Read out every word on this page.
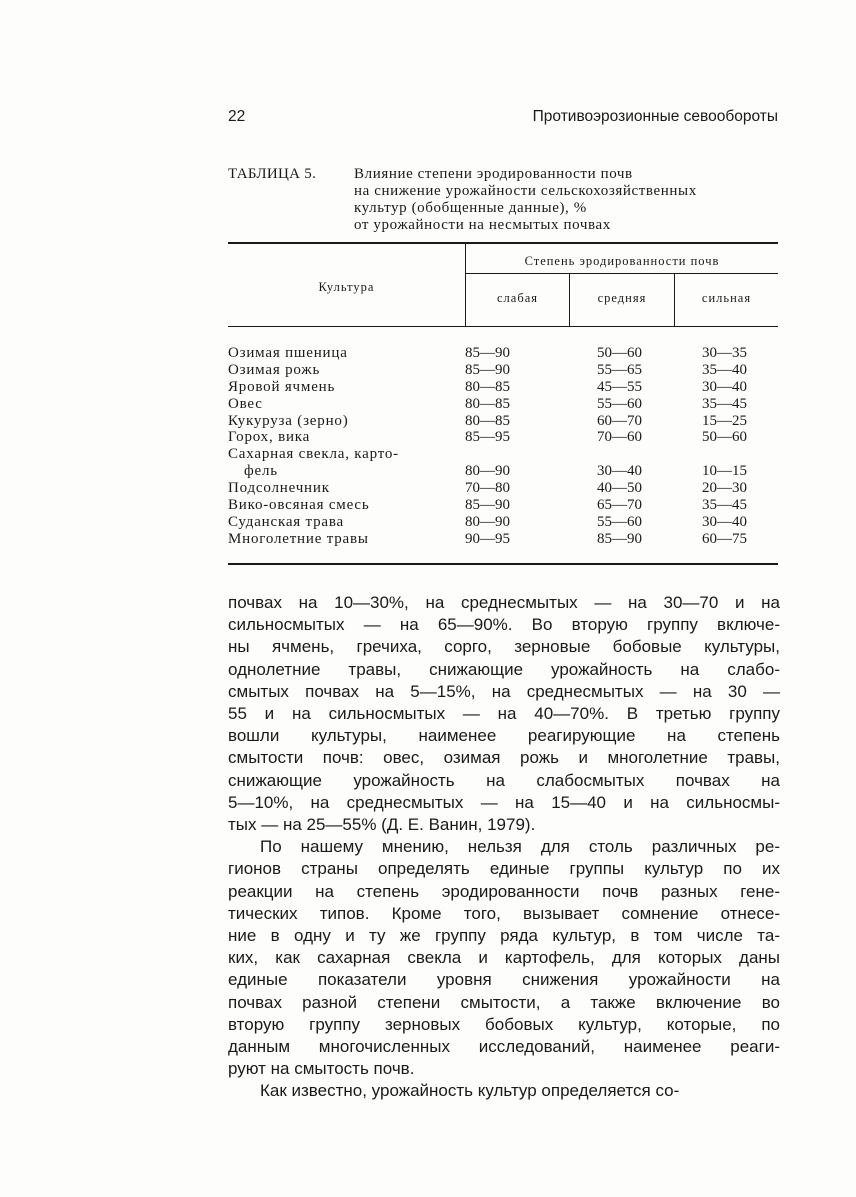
22	Противоэрозионные севообороты
ТАБЛИЦА 5.	Влияние степени эродированности почв
на снижение урожайности сельскохозяйственных
культур (обобщенные данные), %
от урожайности на несмытых почвах
Культура
Степень эродированности почв
слабая	средняя	сильная
Озимая пшеница	85—90	50—60	30—35
Озимая рожь	85—90	55—65	35—40
Яровой ячмень	80—85	45—55	30—40
Овес	80—85	55—60	35—45
Кукуруза (зерно)	80—85	60—70	15—25
Горох, вика	85—95	70—60	50—60
Сахарная свекла, карто-
фель	80—90	30—40	10—15
Подсолнечник	70—80	40—50	20—30
Вико-овсяная смесь	85—90	65—70	35—45
Суданская трава	80—90	55—60	30—40
Многолетние травы	90—95	85—90	60—75

почвах на 10—30%, на среднесмытых — на 30—70 и на
сильносмытых — на 65—90%. Во вторую группу включе-
ны ячмень, гречиха, сорго, зерновые бобовые культуры,
однолетние травы, снижающие урожайность на слабо-
смытых почвах на 5—15%, на среднесмытых — на 30 —
55 и на сильносмытых — на 40—70%. В третью группу
вошли культуры, наименее реагирующие на степень
смытости почв: овес, озимая рожь и многолетние травы,
снижающие урожайность на слабосмытых почвах на
5—10%, на среднесмытых — на 15—40 и на сильносмы-
тых — на 25—55% (Д. Е. Ванин, 1979).

По нашему мнению, нельзя для столь различных ре-
гионов страны определять единые группы культур по их
реакции на степень эродированности почв разных гене-
тических типов. Кроме того, вызывает сомнение отнесе-
ние в одну и ту же группу ряда культур, в том числе та-
ких, как сахарная свекла и картофель, для которых даны
единые показатели уровня снижения урожайности на
почвах разной степени смытости, а также включение во
вторую группу зерновых бобовых культур, которые, по
данным многочисленных исследований, наименее реаги-
руют на смытость почв.

Как известно, урожайность культур определяется со-
